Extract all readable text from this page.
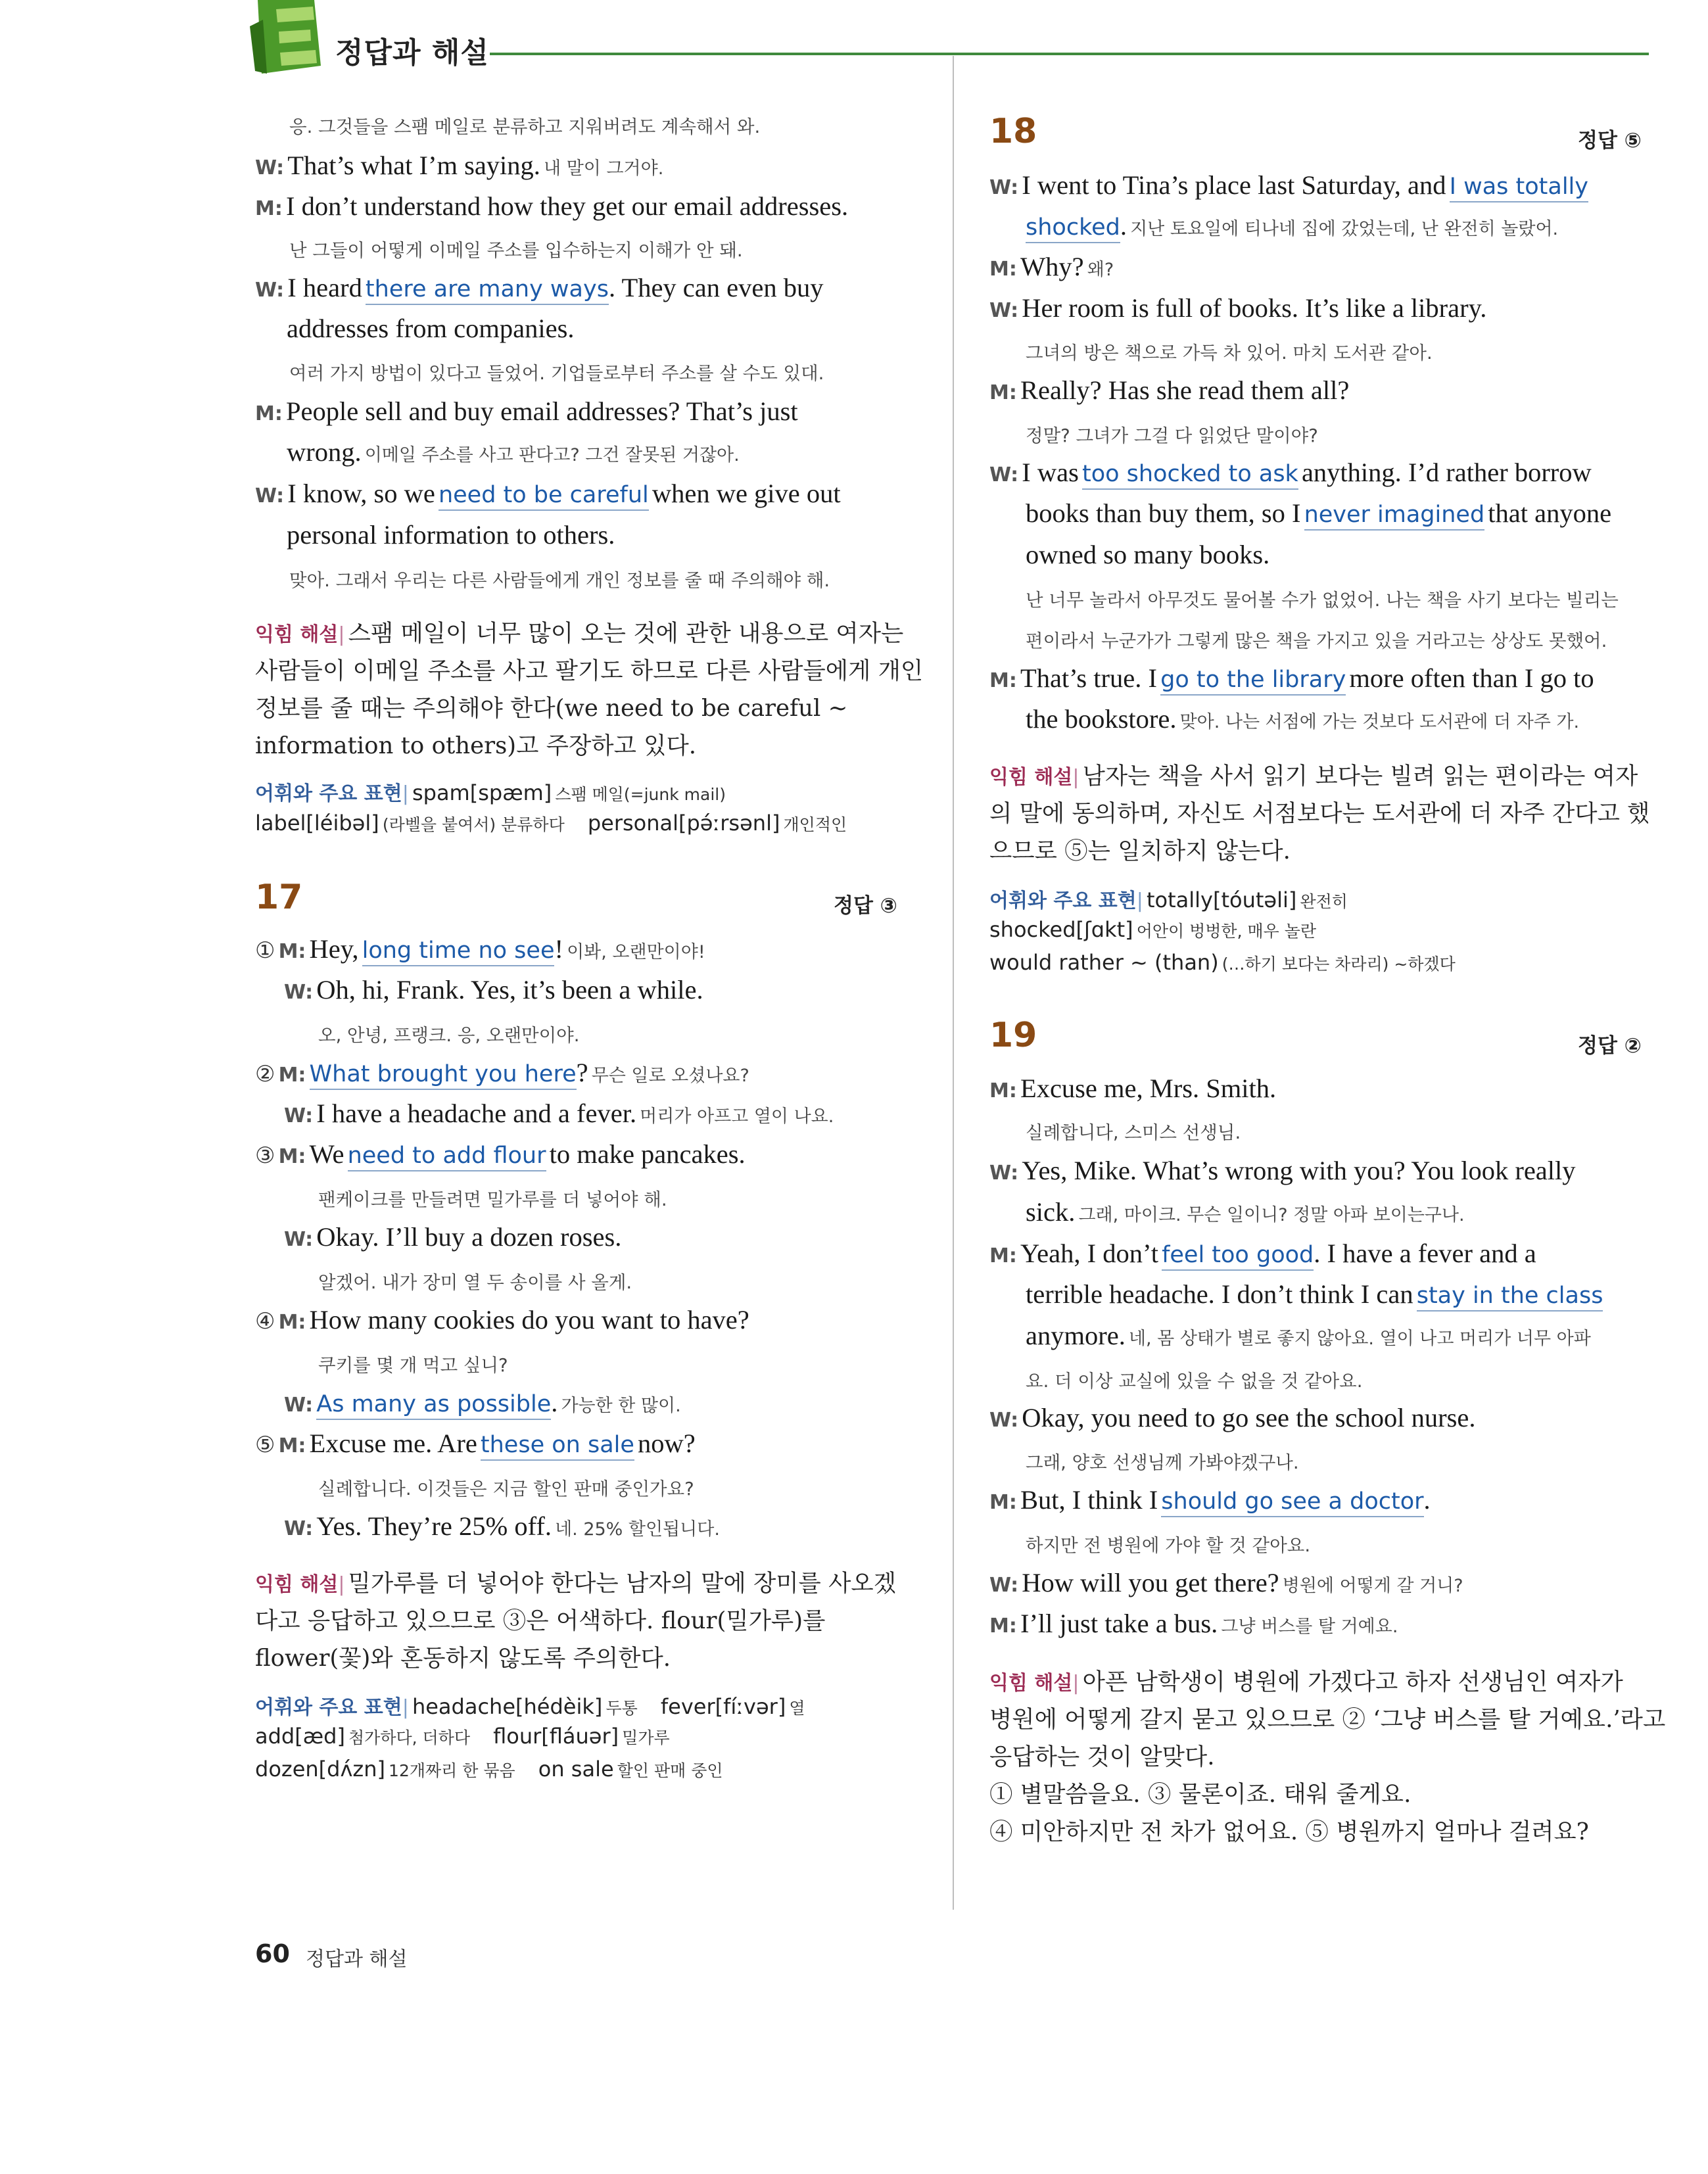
정답과 해설
응. 그것들을 스팸 메일로 분류하고 지워버려도 계속해서 와.
W: That’s what I’m saying. 내 말이 그거야.
M: I don’t understand how they get our email addresses.
난 그들이 어떻게 이메일 주소를 입수하는지 이해가 안 돼.
W: I heard there are many ways. They can even buy
addresses from companies.
여러 가지 방법이 있다고 들었어. 기업들로부터 주소를 살 수도 있대.
M: People sell and buy email addresses? That’s just
wrong. 이메일 주소를 사고 판다고? 그건 잘못된 거잖아.
W: I know, so we need to be careful when we give out
personal information to others.
맞아. 그래서 우리는 다른 사람들에게 개인 정보를 줄 때 주의해야 해.
익힘 해설| 스팸 메일이 너무 많이 오는 것에 관한 내용으로 여자는
사람들이 이메일 주소를 사고 팔기도 하므로 다른 사람들에게 개인
정보를 줄 때는 주의해야 한다(we need to be careful ~
information to others)고 주장하고 있다.
어휘와 주요 표현| spam[spæm] 스팸 메일(=junk mail)
label[léibəl] (라벨을 붙여서) 분류하다 personal[pə́ːrsənl] 개인적인
17	정답 ③
① M: Hey, long time no see! 이봐, 오랜만이야!
W: Oh, hi, Frank. Yes, it’s been a while.
오, 안녕, 프랭크. 응, 오랜만이야.
② M: What brought you here? 무슨 일로 오셨나요?
W: I have a headache and a fever. 머리가 아프고 열이 나요.
③ M: We need to add flour to make pancakes.
팬케이크를 만들려면 밀가루를 더 넣어야 해.
W: Okay. I’ll buy a dozen roses.
알겠어. 내가 장미 열 두 송이를 사 올게.
④ M: How many cookies do you want to have?
쿠키를 몇 개 먹고 싶니?
W: As many as possible. 가능한 한 많이.
⑤ M: Excuse me. Are these on sale now?
실례합니다. 이것들은 지금 할인 판매 중인가요?
W: Yes. They’re 25% off. 네. 25% 할인됩니다.
익힘 해설| 밀가루를 더 넣어야 한다는 남자의 말에 장미를 사오겠
다고 응답하고 있으므로 ③은 어색하다. flour(밀가루)를
flower(꽃)와 혼동하지 않도록 주의한다.
어휘와 주요 표현| headache[hédèik] 두통 fever[fíːvər] 열
add[æd] 첨가하다, 더하다 flour[fláuər] 밀가루
dozen[dʌ́zn] 12개짜리 한 묶음 on sale 할인 판매 중인
18	정답 ⑤
W: I went to Tina’s place last Saturday, and I was totally
shocked. 지난 토요일에 티나네 집에 갔었는데, 난 완전히 놀랐어.
M: Why? 왜?
W: Her room is full of books. It’s like a library.
그녀의 방은 책으로 가득 차 있어. 마치 도서관 같아.
M: Really? Has she read them all?
정말? 그녀가 그걸 다 읽었단 말이야?
W: I was too shocked to ask anything. I’d rather borrow
books than buy them, so I never imagined that anyone
owned so many books.
난 너무 놀라서 아무것도 물어볼 수가 없었어. 나는 책을 사기 보다는 빌리는
편이라서 누군가가 그렇게 많은 책을 가지고 있을 거라고는 상상도 못했어.
M: That’s true. I go to the library more often than I go to
the bookstore. 맞아. 나는 서점에 가는 것보다 도서관에 더 자주 가.
익힘 해설| 남자는 책을 사서 읽기 보다는 빌려 읽는 편이라는 여자
의 말에 동의하며, 자신도 서점보다는 도서관에 더 자주 간다고 했
으므로 ⑤는 일치하지 않는다.
어휘와 주요 표현| totally[tóutəli] 완전히
shocked[ʃɑkt] 어안이 벙벙한, 매우 놀란
would rather ~ (than) (…하기 보다는 차라리) ~하겠다
19	정답 ②
M: Excuse me, Mrs. Smith.
실례합니다, 스미스 선생님.
W: Yes, Mike. What’s wrong with you? You look really
sick. 그래, 마이크. 무슨 일이니? 정말 아파 보이는구나.
M: Yeah, I don’t feel too good. I have a fever and a
terrible headache. I don’t think I can stay in the class
anymore. 네, 몸 상태가 별로 좋지 않아요. 열이 나고 머리가 너무 아파
요. 더 이상 교실에 있을 수 없을 것 같아요.
W: Okay, you need to go see the school nurse.
그래, 양호 선생님께 가봐야겠구나.
M: But, I think I should go see a doctor.
하지만 전 병원에 가야 할 것 같아요.
W: How will you get there? 병원에 어떻게 갈 거니?
M: I’ll just take a bus. 그냥 버스를 탈 거예요.
익힘 해설| 아픈 남학생이 병원에 가겠다고 하자 선생님인 여자가
병원에 어떻게 갈지 묻고 있으므로 ② ‘그냥 버스를 탈 거예요.’라고
응답하는 것이 알맞다.
① 별말씀을요. ③ 물론이죠. 태워 줄게요.
④ 미안하지만 전 차가 없어요. ⑤ 병원까지 얼마나 걸려요?
60 정답과 해설
